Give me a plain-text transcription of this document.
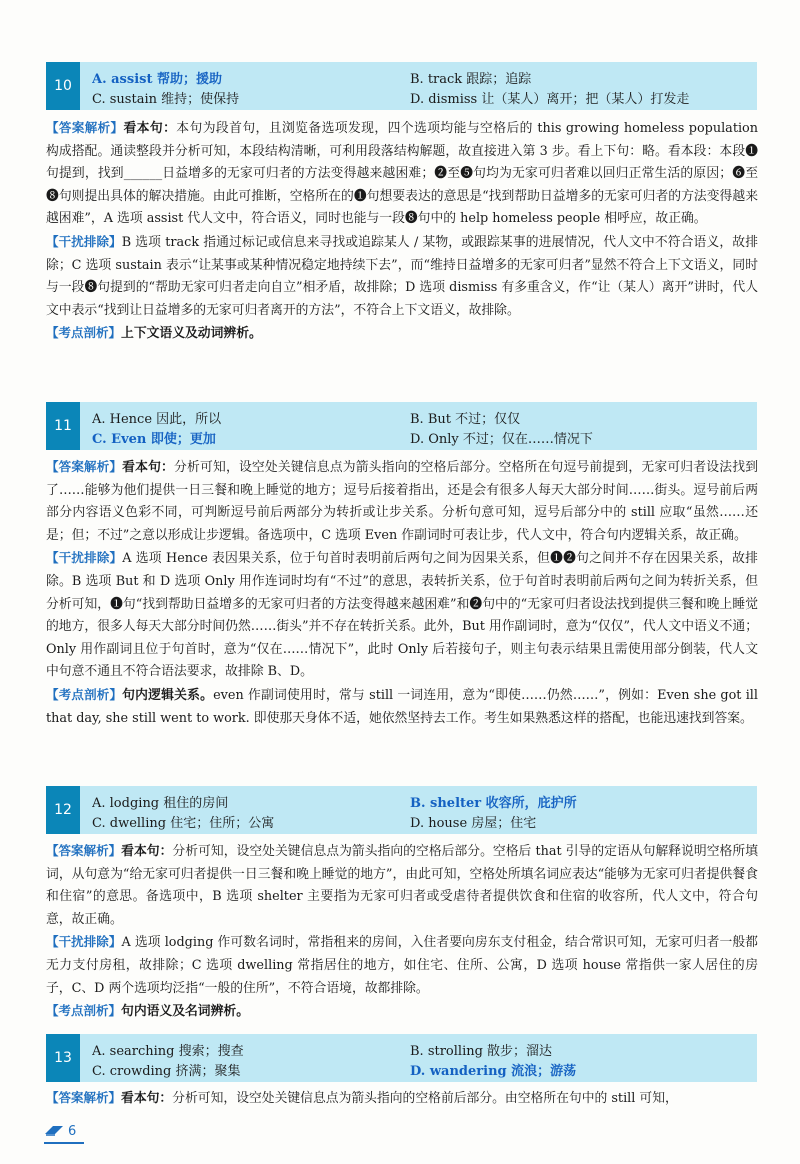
10	A. assist 帮助；援助	B. track 跟踪；追踪
C. sustain 维持；使保持	D. dismiss 让（某人）离开；把（某人）打发走

【答案解析】看本句：本句为段首句，且浏览备选项发现，四个选项均能与空格后的 this growing homeless population 构成搭配。通读整段并分析可知，本段结构清晰，可利用段落结构解题，故直接进入第 3 步。看上下句：略。看本段：本段❶句提到，找到______日益增多的无家可归者的方法变得越来越困难；❷至❺句均为无家可归者难以回归正常生活的原因；❻至❽句则提出具体的解决措施。由此可推断，空格所在的❶句想要表达的意思是“找到帮助日益增多的无家可归者的方法变得越来越困难”，A 选项 assist 代人文中，符合语义，同时也能与一段❽句中的 help homeless people 相呼应，故正确。

【干扰排除】B 选项 track 指通过标记或信息来寻找或追踪某人 / 某物，或跟踪某事的进展情况，代人文中不符合语义，故排除；C 选项 sustain 表示“让某事或某种情况稳定地持续下去”，而“维持日益增多的无家可归者”显然不符合上下文语义，同时与一段❽句提到的“帮助无家可归者走向自立”相矛盾，故排除；D 选项 dismiss 有多重含义，作“让（某人）离开”讲时，代人文中表示“找到让日益增多的无家可归者离开的方法”，不符合上下文语义，故排除。

【考点剖析】上下文语义及动词辨析。

11	A. Hence 因此，所以	B. But 不过；仅仅
C. Even 即使；更加	D. Only 不过；仅在……情况下

【答案解析】看本句：分析可知，设空处关键信息点为箭头指向的空格后部分。空格所在句逗号前提到，无家可归者设法找到了……能够为他们提供一日三餐和晚上睡觉的地方；逗号后接着指出，还是会有很多人每天大部分时间……街头。逗号前后两部分内容语义色彩不同，可判断逗号前后两部分为转折或让步关系。分析句意可知，逗号后部分中的 still 应取“虽然……还是；但；不过”之意以形成让步逻辑。备选项中，C 选项 Even 作副词时可表让步，代人文中，符合句内逻辑关系，故正确。

【干扰排除】A 选项 Hence 表因果关系，位于句首时表明前后两句之间为因果关系，但❶❷句之间并不存在因果关系，故排除。B 选项 But 和 D 选项 Only 用作连词时均有“不过”的意思，表转折关系，位于句首时表明前后两句之间为转折关系，但分析可知，❶句“找到帮助日益增多的无家可归者的方法变得越来越困难”和❷句中的“无家可归者设法找到提供三餐和晚上睡觉的地方，很多人每天大部分时间仍然……街头”并不存在转折关系。此外，But 用作副词时，意为“仅仅”，代人文中语义不通；Only 用作副词且位于句首时，意为“仅在……情况下”，此时 Only 后若接句子，则主句表示结果且需使用部分倒装，代人文中句意不通且不符合语法要求，故排除 B、D。

【考点剖析】句内逻辑关系。even 作副词使用时，常与 still 一词连用，意为“即使……仍然……”，例如：Even she got ill that day, she still went to work. 即使那天身体不适，她依然坚持去工作。考生如果熟悉这样的搭配，也能迅速找到答案。

12	A. lodging 租住的房间	B. shelter 收容所，庇护所
C. dwelling 住宅；住所；公寓	D. house 房屋；住宅

【答案解析】看本句：分析可知，设空处关键信息点为箭头指向的空格后部分。空格后 that 引导的定语从句解释说明空格所填词，从句意为“给无家可归者提供一日三餐和晚上睡觉的地方”，由此可知，空格处所填名词应表达“能够为无家可归者提供餐食和住宿”的意思。备选项中，B 选项 shelter 主要指为无家可归者或受虐待者提供饮食和住宿的收容所，代人文中，符合句意，故正确。

【干扰排除】A 选项 lodging 作可数名词时，常指租来的房间，入住者要向房东支付租金，结合常识可知，无家可归者一般都无力支付房租，故排除；C 选项 dwelling 常指居住的地方，如住宅、住所、公寓，D 选项 house 常指供一家人居住的房子，C、D 两个选项均泛指“一般的住所”，不符合语境，故都排除。

【考点剖析】句内语义及名词辨析。

13	A. searching 搜索；搜查	B. strolling 散步；溜达
C. crowding 挤满；聚集	D. wandering 流浪；游荡

【答案解析】看本句：分析可知，设空处关键信息点为箭头指向的空格前后部分。由空格所在句中的 still 可知，

6
